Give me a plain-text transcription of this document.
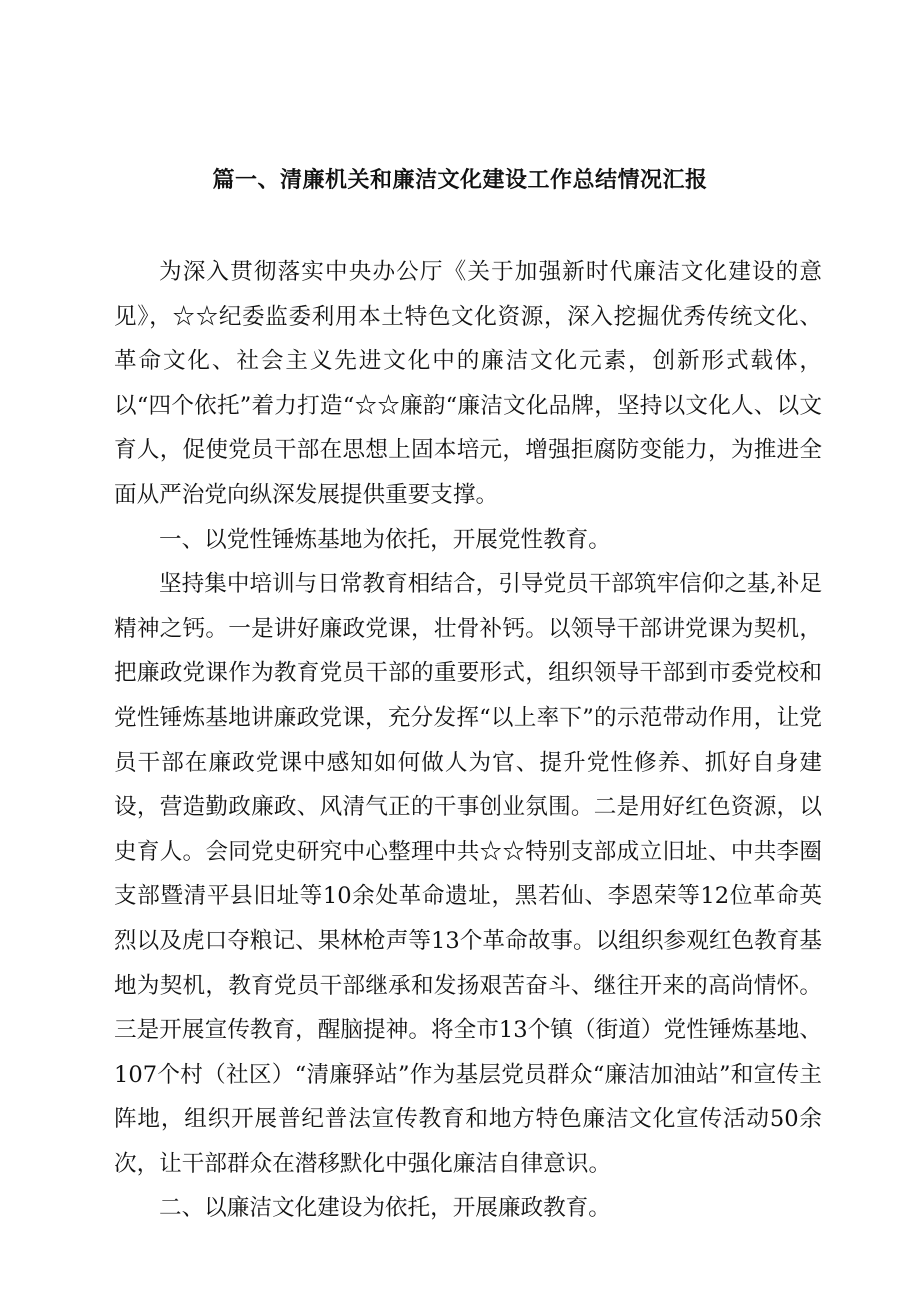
篇一、清廉机关和廉洁文化建设工作总结情况汇报

为深入贯彻落实中央办公厅《关于加强新时代廉洁文化建设的意见》，☆☆纪委监委利用本土特色文化资源，深入挖掘优秀传统文化、革命文化、社会主义先进文化中的廉洁文化元素，创新形式载体，以“四个依托”着力打造“☆☆廉韵“廉洁文化品牌，坚持以文化人、以文育人，促使党员干部在思想上固本培元，增强拒腐防变能力，为推进全面从严治党向纵深发展提供重要支撑。

一、以党性锤炼基地为依托，开展党性教育。

坚持集中培训与日常教育相结合，引导党员干部筑牢信仰之基,补足精神之钙。一是讲好廉政党课，壮骨补钙。以领导干部讲党课为契机，把廉政党课作为教育党员干部的重要形式，组织领导干部到市委党校和党性锤炼基地讲廉政党课，充分发挥“以上率下”的示范带动作用，让党员干部在廉政党课中感知如何做人为官、提升党性修养、抓好自身建设，营造勤政廉政、风清气正的干事创业氛围。二是用好红色资源，以史育人。会同党史研究中心整理中共☆☆特别支部成立旧址、中共李圈支部暨清平县旧址等10余处革命遗址，黑若仙、李恩荣等12位革命英烈以及虎口夺粮记、果林枪声等13个革命故事。以组织参观红色教育基地为契机，教育党员干部继承和发扬艰苦奋斗、继往开来的高尚情怀。三是开展宣传教育，醒脑提神。将全市13个镇（街道）党性锤炼基地、107个村（社区）“清廉驿站”作为基层党员群众“廉洁加油站”和宣传主阵地，组织开展普纪普法宣传教育和地方特色廉洁文化宣传活动50余次，让干部群众在潜移默化中强化廉洁自律意识。

二、以廉洁文化建设为依托，开展廉政教育。
